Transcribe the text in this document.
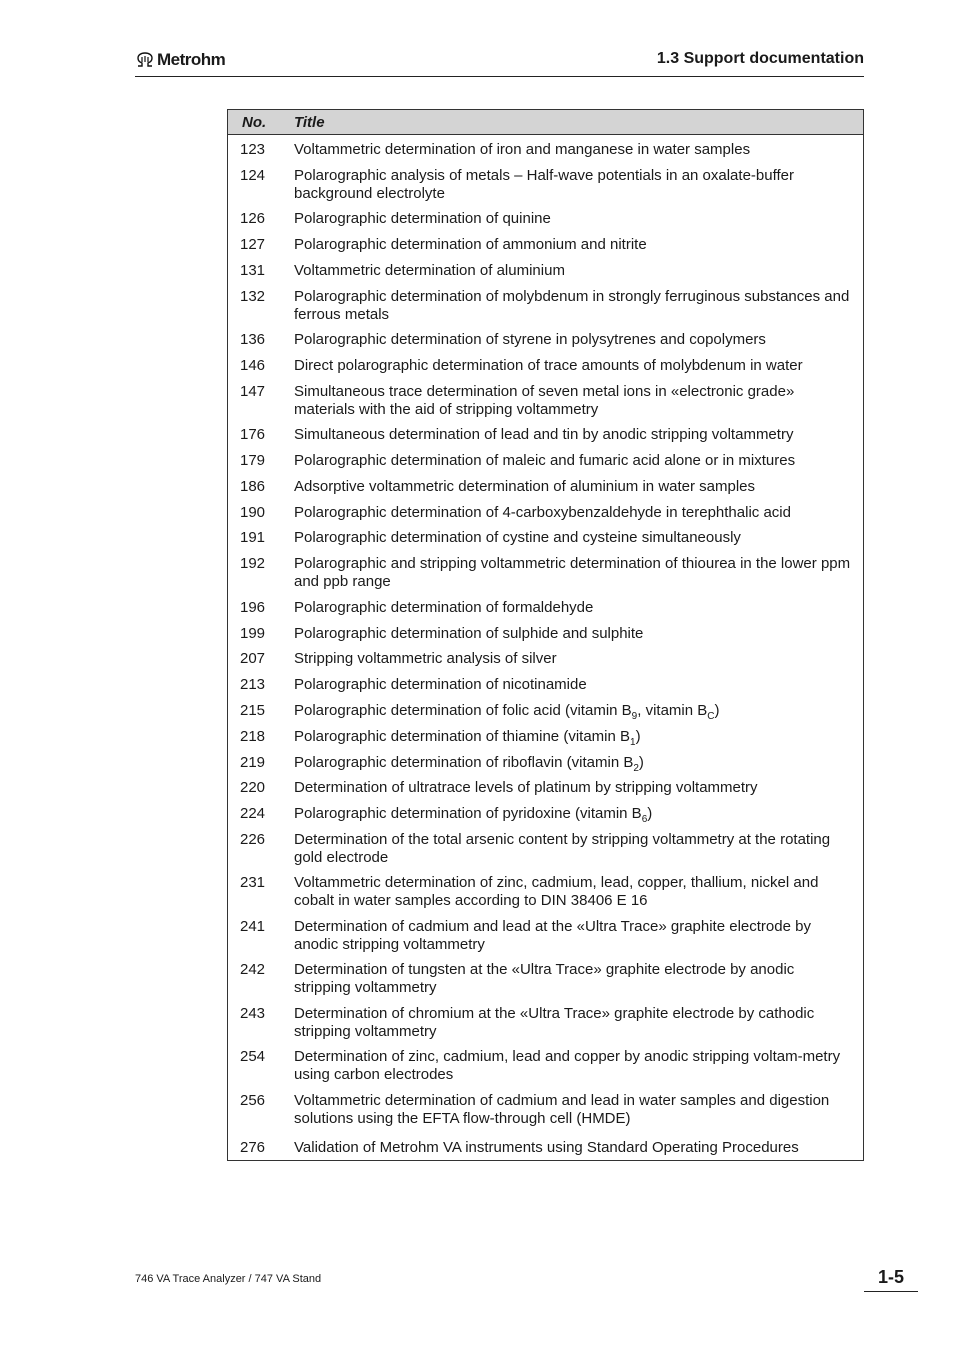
Metrohm	1.3 Support documentation
No.	Title
123	Voltammetric determination of iron and manganese in water samples
124	Polarographic analysis of metals – Half-wave potentials in an oxalate-buffer background electrolyte
126	Polarographic determination of quinine
127	Polarographic determination of ammonium and nitrite
131	Voltammetric determination of aluminium
132	Polarographic determination of molybdenum in strongly ferruginous substances and ferrous metals
136	Polarographic determination of styrene in polysytrenes and copolymers
146	Direct polarographic determination of trace amounts of molybdenum in water
147	Simultaneous trace determination of seven metal ions in «electronic grade» materials with the aid of stripping voltammetry
176	Simultaneous determination of lead and tin by anodic stripping voltammetry
179	Polarographic determination of maleic and fumaric acid alone or in mixtures
186	Adsorptive voltammetric determination of aluminium in water samples
190	Polarographic determination of 4-carboxybenzaldehyde in terephthalic acid
191	Polarographic determination of cystine and cysteine simultaneously
192	Polarographic and stripping voltammetric determination of thiourea in the lower ppm and ppb range
196	Polarographic determination of formaldehyde
199	Polarographic determination of sulphide and sulphite
207	Stripping voltammetric analysis of silver
213	Polarographic determination of nicotinamide
215	Polarographic determination of folic acid (vitamin $B_9$, vitamin $B_C$)
218	Polarographic determination of thiamine (vitamin $B_1$)
219	Polarographic determination of riboflavin (vitamin $B_2$)
220	Determination of ultratrace levels of platinum by stripping voltammetry
224	Polarographic determination of pyridoxine (vitamin $B_6$)
226	Determination of the total arsenic content by stripping voltammetry at the rotating gold electrode
231	Voltammetric determination of zinc, cadmium, lead, copper, thallium, nickel and cobalt in water samples according to DIN 38406 E 16
241	Determination of cadmium and lead at the «Ultra Trace» graphite electrode by anodic stripping voltammetry
242	Determination of tungsten at the «Ultra Trace» graphite electrode by anodic stripping voltammetry
243	Determination of chromium at the «Ultra Trace» graphite electrode by cathodic stripping voltammetry
254	Determination of zinc, cadmium, lead and copper by anodic stripping voltam-metry using carbon electrodes
256	Voltammetric determination of cadmium and lead in water samples and digestion solutions using the EFTA flow-through cell (HMDE)
276	Validation of Metrohm VA instruments using Standard Operating Procedures
746 VA Trace Analyzer / 747 VA Stand	1-5
